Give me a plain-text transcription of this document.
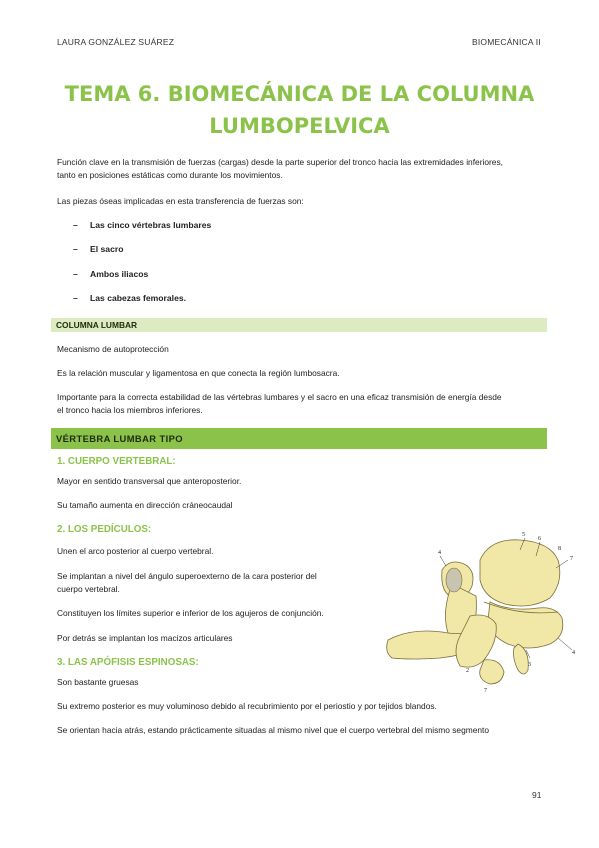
LAURA GONZÁLEZ SUÁREZ	BIOMECÁNICA II
TEMA 6. BIOMECÁNICA DE LA COLUMNA
LUMBOPELVICA
Función clave en la transmisión de fuerzas (cargas) desde la parte superior del tronco hacia las extremidades inferiores,
tanto en posiciones estáticas como durante los movimientos.
Las piezas óseas implicadas en esta transferencia de fuerzas son:
– Las cinco vértebras lumbares
– El sacro
– Ambos iliacos
– Las cabezas femorales.
COLUMNA LUMBAR
Mecanismo de autoprotección
Es la relación muscular y ligamentosa en que conecta la región lumbosacra.
Importante para la correcta estabilidad de las vértebras lumbares y el sacro en una eficaz transmisión de energía desde
el tronco hacia los miembros inferiores.
VÉRTEBRA LUMBAR TIPO
1. CUERPO VERTEBRAL:
Mayor en sentido transversal que anteroposterior.
Su tamaño aumenta en dirección cráneocaudal
2. LOS PEDÍCULOS:
Unen el arco posterior al cuerpo vertebral.
Se implantan a nivel del ángulo superoexterno de la cara posterior del
cuerpo vertebral.
Constituyen los límites superior e inferior de los agujeros de conjunción.
Por detrás se implantan los macizos articulares
3. LAS APÓFISIS ESPINOSAS:
Son bastante gruesas
Su extremo posterior es muy voluminoso debido al recubrimiento por el periostio y por tejidos blandos.
Se orientan hacia atrás, estando prácticamente situadas al mismo nivel que el cuerpo vertebral del mismo segmento
5
6
8
7
4
3
2
7
4
91
